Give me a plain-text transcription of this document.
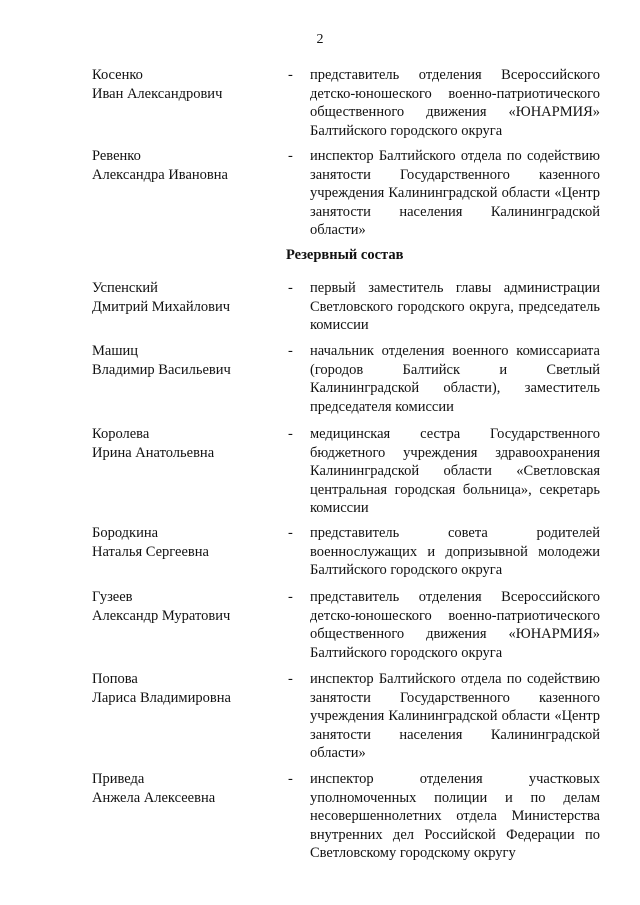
2
Косенко
Иван Александрович
- представитель отделения Всероссийского детско-юношеского военно-патриотического общественного движения «ЮНАРМИЯ» Балтийского городского округа
Ревенко
Александра Ивановна
- инспектор Балтийского отдела по содействию занятости Государственного казенного учреждения Калининградской области «Центр занятости населения Калининградской области»
Резервный состав
Успенский
Дмитрий Михайлович
- первый заместитель главы администрации Светловского городского округа, председатель комиссии
Машиц
Владимир Васильевич
- начальник отделения военного комиссариата (городов Балтийск и Светлый Калининградской области), заместитель председателя комиссии
Королева
Ирина Анатольевна
- медицинская сестра Государственного бюджетного учреждения здравоохранения Калининградской области «Светловская центральная городская больница», секретарь комиссии
Бородкина
Наталья Сергеевна
- представитель совета родителей военнослужащих и допризывной молодежи Балтийского городского округа
Гузеев
Александр Муратович
- представитель отделения Всероссийского детско-юношеского военно-патриотического общественного движения «ЮНАРМИЯ» Балтийского городского округа
Попова
Лариса Владимировна
- инспектор Балтийского отдела по содействию занятости Государственного казенного учреждения Калининградской области «Центр занятости населения Калининградской области»
Приведа
Анжела Алексеевна
- инспектор отделения участковых уполномоченных полиции и по делам несовершеннолетних отдела Министерства внутренних дел Российской Федерации по Светловскому городскому округу
